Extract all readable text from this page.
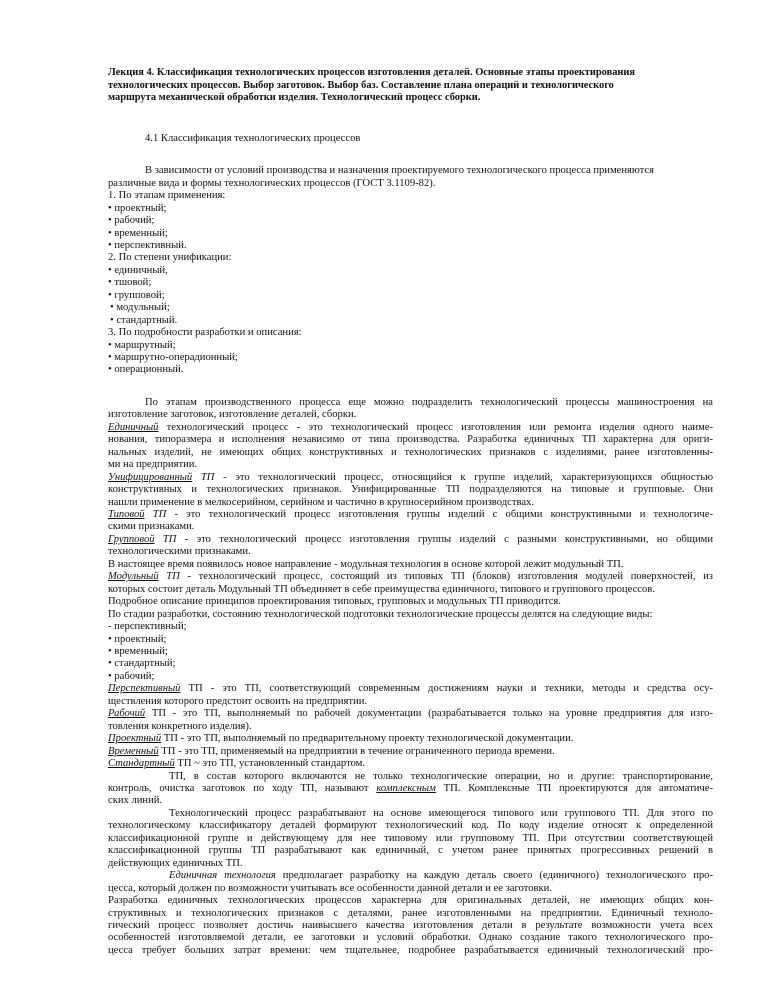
Лекция 4. Классификация технологических процессов изготовления деталей. Основные этапы проектирования
технологических процессов. Выбор заготовок. Выбор баз. Составление плана операций и технологического
маршрута механической обработки изделия. Технологический процесс сборки.

4.1 Классификация технологических процессов
В зависимости от условий производства и назначения проектируемого технологического процесса применяются
различные вида и формы технологических процессов (ГОСТ 3.1109-82).
1. По этапам применения:
• проектный;
• рабочий;
• временный;
• перспективный.
2. По степени унификации:
• единичный,
• тшовой;
• групповой;
• модульный;
• стандартный.
3. По подробности разработки и описания:
• маршрутный;
• маршрутно-операдионный;
• операционный.
По этапам производственного процесса еще можно подразделить технологический процессы машиностроения на
изготовление заготовок, изготовление деталей, сборки.
Единичный технологический процесс - это технологический процесс изготовления или ремонта изделия одного наиме-
нования, типоразмера и исполнения независимо от типа производства. Разработка единичных ТП характерна для ориги-
нальных изделий, не имеющих общих конструктивных и технологических признаков с изделиями, ранее изготовленны-
ми на предприятии.
Унифицированный ТП - это технологический процесс, относящийся к группе изделий, характеризующихся общностью
конструктивных и технологических признаков. Унифицированные ТП подразделяются на типовые и групповые. Они
нашли применение в мелкосерийном, серийном и частично в крупносерийном производствах.
Типовой ТП - это технологический процесс изготовления группы изделий с общими конструктивными и технологиче-
скими признаками.
Групповой ТП - это технологический процесс изготовления группы изделий с разными конструктивными, но общими
технологическими признаками.
В настоящее время появилось новое направление - модульная технология в основе которой лежит модульный ТП.
Модульный ТП - технологический процесс, состоящий из типовых ТП (блоков) изготовления модулей поверхностей, из
которых состоит деталь Модульный ТП объединяет в себе преимущества единичного, типового и группового процессов.
Подробное описание принципов проектирования типовых, групповых и модульных ТП приводится.
По стадии разработки, состоянию технологической подготовки технологические процессы делятся на следующие виды:
- перспективный;
• проектный;
• временный;
• стандартный;
• рабочий;
Перспективный ТП - это ТП, соответствующий современным достижениям науки и техники, методы и средства осу-
ществления которого предстоит освоить на предприятии.
Рабочий ТП - это ТП, выполняемый по рабочей документации (разрабатывается только на уровне предприятия для изго-
товления конкретного изделия).
Проектный ТП - это ТП, выполняемый по предварительному проекту технологической документации.
Временный ТП - это ТП, применяемый на предприятии в течение ограниченного периода времени.
Стандартный ТП ~ это ТП, установленный стандартом.
ТП, в состав которого включаются не только технологические операции, но и другие: транспортирование,
контроль, очистка заготовок по ходу ТП, называют комплексным ТП. Комплексные ТП проектируются для автоматиче-
ских линий.
Технологический процесс разрабатывают на основе имеющегося типового или группового ТП. Для этого по
технологическому классификатору деталей формируют технологический код. По коду изделие относят к определенной
классификационной группе и действующему для нее типовому или групповому ТП. При отсутствии соответствующей
классификационной группы ТП разрабатывают как единичный, с учетом ранее принятых прогрессивных решений в
действующих единичных ТП.
Единичная технология предполагает разработку на каждую деталь своего (единичного) технологического про-
цесса, который должен по возможности учитывать все особенности данной детали и ее заготовки.
Разработка единичных технологических процессов характерна для оригинальных деталей, не имеющих общих кон-
структивных и технологических признаков с деталями, ранее изготовленными на предприятии. Единичный техноло-
гический процесс позволяет достичь наивысшего качества изготовления детали в результате возможности учета всех
особенностей изготовляемой детали, ее заготовки и условий обработки. Однако создание такого технологического про-
цесса требует больших затрат времени: чем тщательнее, подробнее разрабатывается единичный технологический про-
